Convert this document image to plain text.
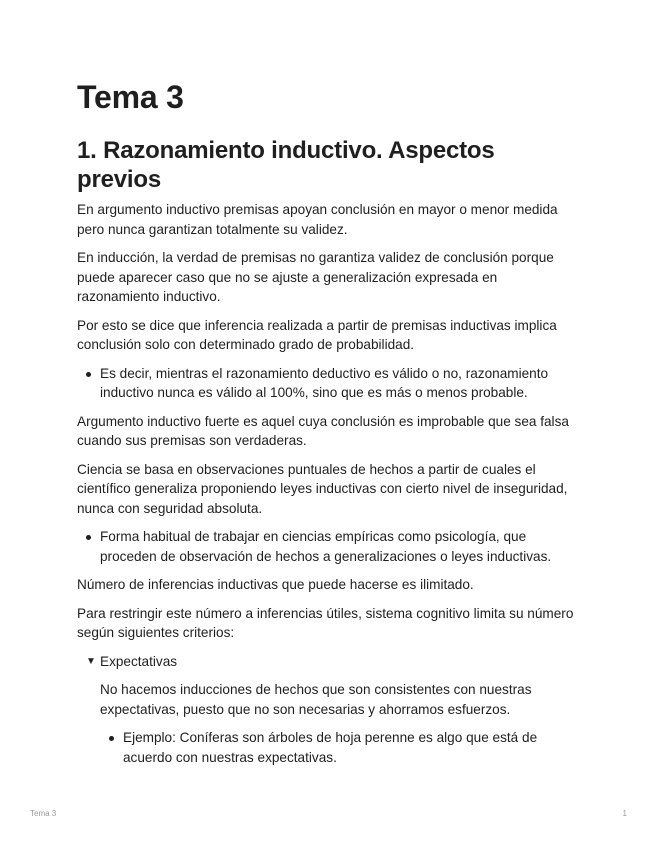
Tema 3
1. Razonamiento inductivo. Aspectos previos

En argumento inductivo premisas apoyan conclusión en mayor o menor medida pero nunca garantizan totalmente su validez.

En inducción, la verdad de premisas no garantiza validez de conclusión porque puede aparecer caso que no se ajuste a generalización expresada en razonamiento inductivo.

Por esto se dice que inferencia realizada a partir de premisas inductivas implica conclusión solo con determinado grado de probabilidad.

Es decir, mientras el razonamiento deductivo es válido o no, razonamiento inductivo nunca es válido al 100%, sino que es más o menos probable.

Argumento inductivo fuerte es aquel cuya conclusión es improbable que sea falsa cuando sus premisas son verdaderas.

Ciencia se basa en observaciones puntuales de hechos a partir de cuales el científico generaliza proponiendo leyes inductivas con cierto nivel de inseguridad, nunca con seguridad absoluta.

Forma habitual de trabajar en ciencias empíricas como psicología, que proceden de observación de hechos a generalizaciones o leyes inductivas.

Número de inferencias inductivas que puede hacerse es ilimitado.

Para restringir este número a inferencias útiles, sistema cognitivo limita su número según siguientes criterios:

▼ Expectativas

No hacemos inducciones de hechos que son consistentes con nuestras expectativas, puesto que no son necesarias y ahorramos esfuerzos.

Ejemplo: Coníferas son árboles de hoja perenne es algo que está de acuerdo con nuestras expectativas.
Tema 3	1
